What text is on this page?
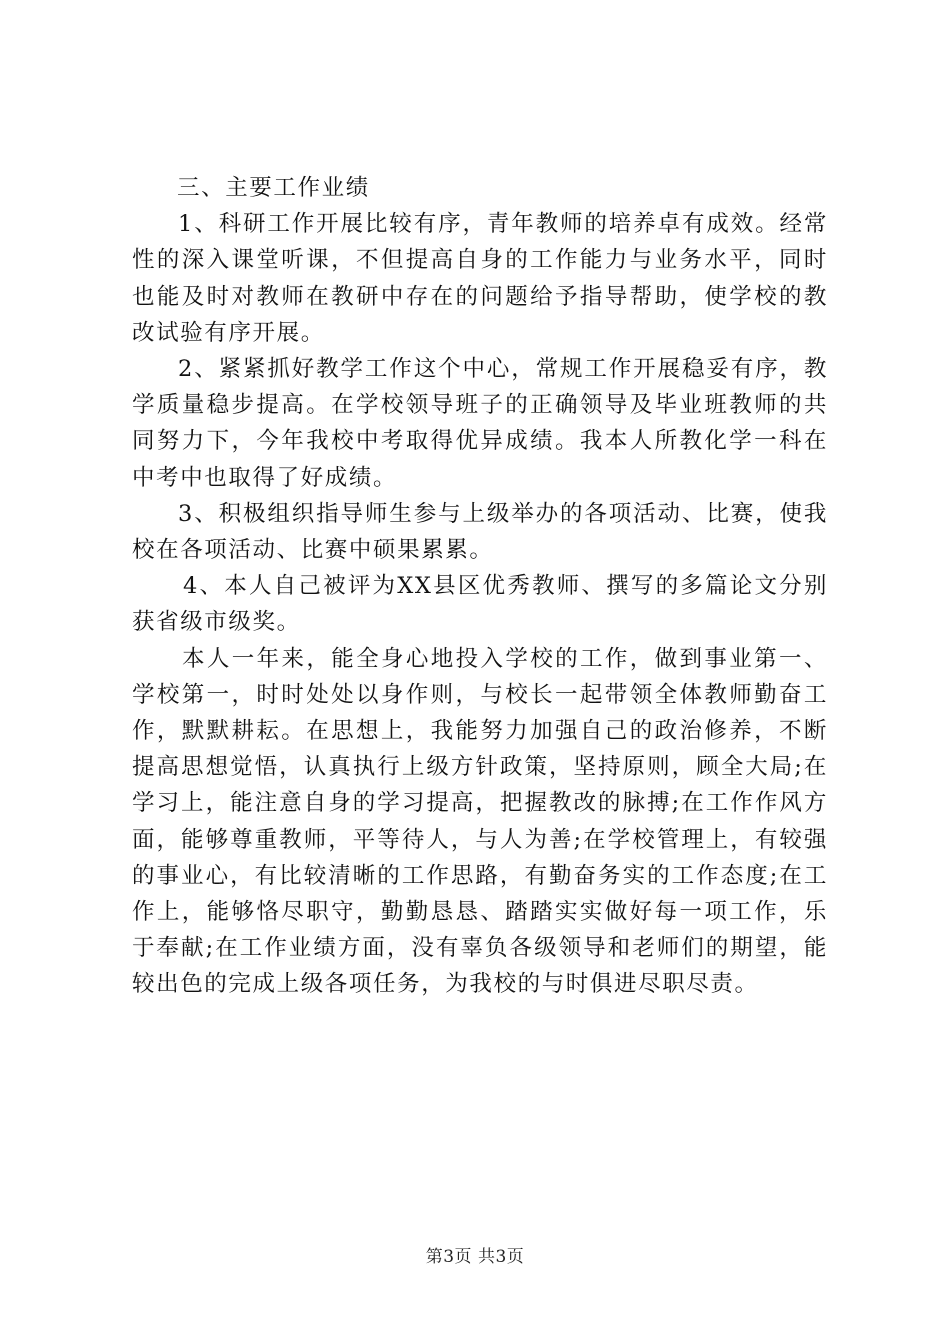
三、主要工作业绩

1、科研工作开展比较有序，青年教师的培养卓有成效。经常性的深入课堂听课，不但提高自身的工作能力与业务水平，同时也能及时对教师在教研中存在的问题给予指导帮助，使学校的教改试验有序开展。

2、紧紧抓好教学工作这个中心，常规工作开展稳妥有序，教学质量稳步提高。在学校领导班子的正确领导及毕业班教师的共同努力下，今年我校中考取得优异成绩。我本人所教化学一科在中考中也取得了好成绩。

3、积极组织指导师生参与上级举办的各项活动、比赛，使我校在各项活动、比赛中硕果累累。

4、本人自己被评为XX县区优秀教师、撰写的多篇论文分别获省级市级奖。

本人一年来，能全身心地投入学校的工作，做到事业第一、学校第一，时时处处以身作则，与校长一起带领全体教师勤奋工作，默默耕耘。在思想上，我能努力加强自己的政治修养，不断提高思想觉悟，认真执行上级方针政策，坚持原则，顾全大局;在学习上，能注意自身的学习提高，把握教改的脉搏;在工作作风方面，能够尊重教师，平等待人，与人为善;在学校管理上，有较强的事业心，有比较清晰的工作思路，有勤奋务实的工作态度;在工作上，能够恪尽职守，勤勤恳恳、踏踏实实做好每一项工作，乐于奉献;在工作业绩方面，没有辜负各级领导和老师们的期望，能较出色的完成上级各项任务，为我校的与时俱进尽职尽责。

第3页 共3页
